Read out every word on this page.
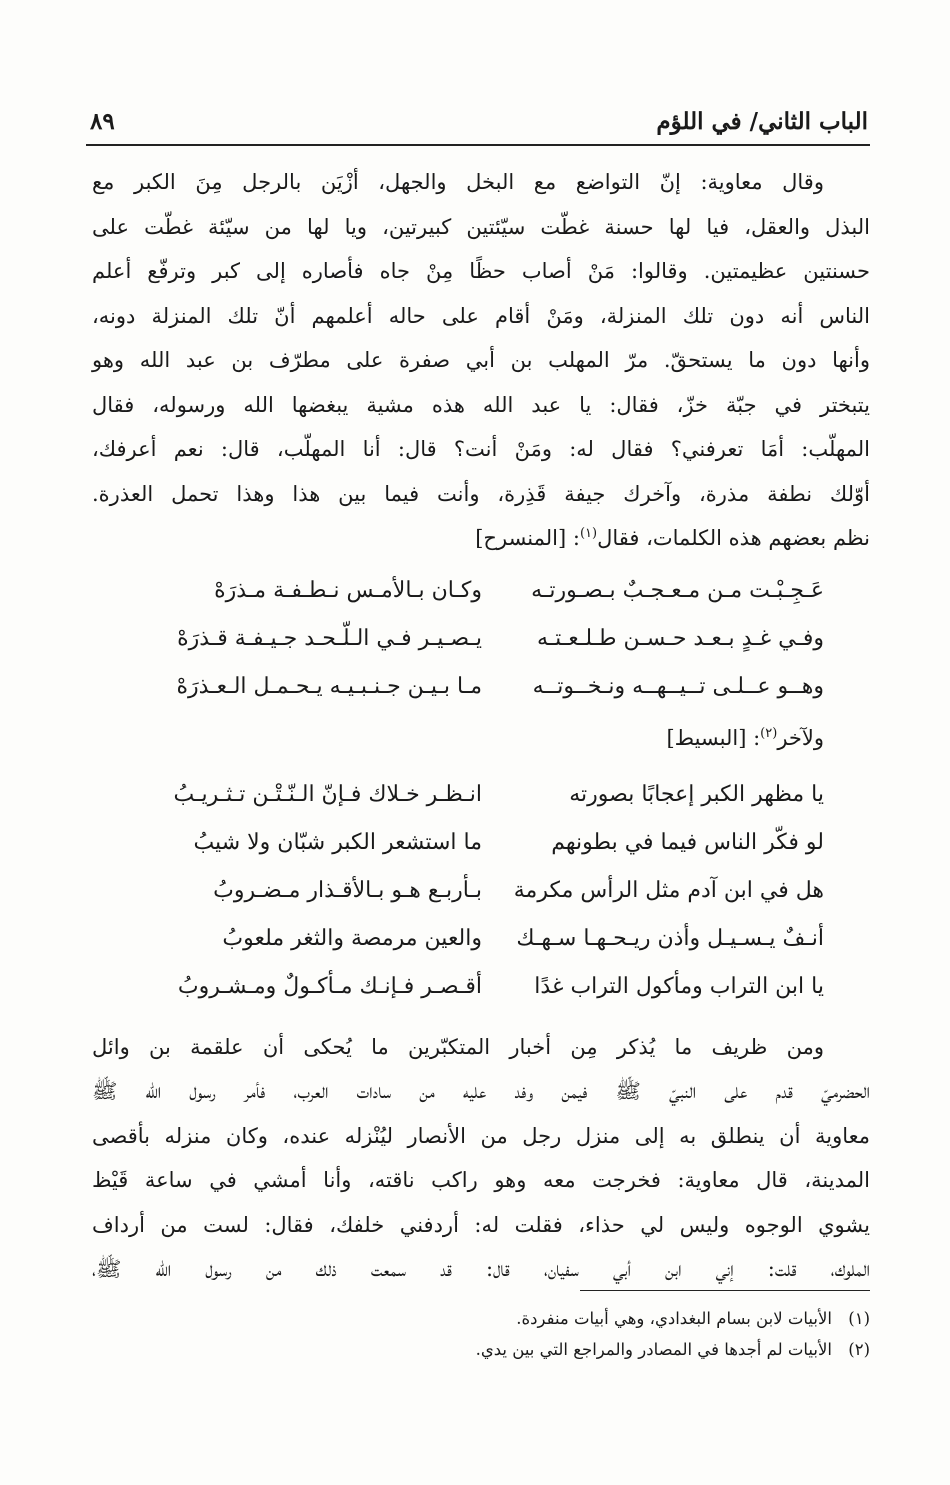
الباب الثاني/ في اللؤم
٨٩
وقال معاوية: إنّ التواضع مع البخل والجهل، أزْيَن بالرجل مِنَ الكبر مع
البذل والعقل، فيا لها حسنة غطّت سيّئتين كبيرتين، ويا لها من سيّئة غطّت على
حسنتين عظيمتين. وقالوا: مَنْ أصاب حظًا مِنْ جاه فأصاره إلى كبر وترفّع أعلم
الناس أنه دون تلك المنزلة، ومَنْ أقام على حاله أعلمهم أنّ تلك المنزلة دونه،
وأنها دون ما يستحقّ. مرّ المهلب بن أبي صفرة على مطرّف بن عبد الله وهو
يتبختر في جبّة خزّ، فقال: يا عبد الله هذه مشية يبغضها الله ورسوله، فقال
المهلّب: أمَا تعرفني؟ فقال له: ومَنْ أنت؟ قال: أنا المهلّب، قال: نعم أعرفك،
أوّلك نطفة مذرة، وآخرك جيفة قَذِرة، وأنت فيما بين هذا وهذا تحمل العذرة.
نظم بعضهم هذه الكلمات، فقال$^{(١)}$: [المنسرح]
عَـجِـبْـت مـن مـعـجـبٌ بـصـورتـه
وكـان بـالأمـس نـطـفـة مـذرَهْ
وفـي غـدٍ بـعـد حـسـن طـلـعـتـه
يـصـيـر فـي الـلّـحـد جـيـفـة قـذرَهْ
وهــو عــلـى تــيــهــه ونـخــوتــه
مـا بـيـن جـنـبـيـه يـحـمـل الـعـذرَهْ
ولآخر$^{(٢)}$: [البسيط]
يا مظهر الكبر إعجابًا بصورته
انـظـر خـلاك فـإنّ الـنّـتْـن تـثـريـبُ
لو فكّر الناس فيما في بطونهم
ما استشعر الكبر شبّان ولا شيبُ
هل في ابن آدم مثل الرأس مكرمة
بـأربـع هـو بـالأقـذار مـضـروبُ
أنـفٌ يـسـيـل وأذن ريـحـهـا سـهـك
والعين مرمصة والثغر ملعوبُ
يا ابن التراب ومأكول التراب غدًا
أقـصـر فـإنـك مـأكـولٌ ومـشـروبُ
ومن ظريف ما يُذكر مِن أخبار المتكبّرين ما يُحكى أن علقمة بن وائل
الحضرميّ قدم على النبيّ ﷺ فيمن وفد عليه من سادات العرب، فأمر رسول الله ﷺ
معاوية أن ينطلق به إلى منزل رجل من الأنصار ليُنْزله عنده، وكان منزله بأقصى
المدينة، قال معاوية: فخرجت معه وهو راكب ناقته، وأنا أمشي في ساعة قَيْظ
يشوي الوجوه وليس لي حذاء، فقلت له: أردفني خلفك، فقال: لست من أرداف
الملوك، قلت: إني ابن أبي سفيان، قال: قد سمعت ذلك من رسول الله ﷺ،
(١)
الأبيات لابن بسام البغدادي، وهي أبيات منفردة.
(٢)
الأبيات لم أجدها في المصادر والمراجع التي بين يدي.
